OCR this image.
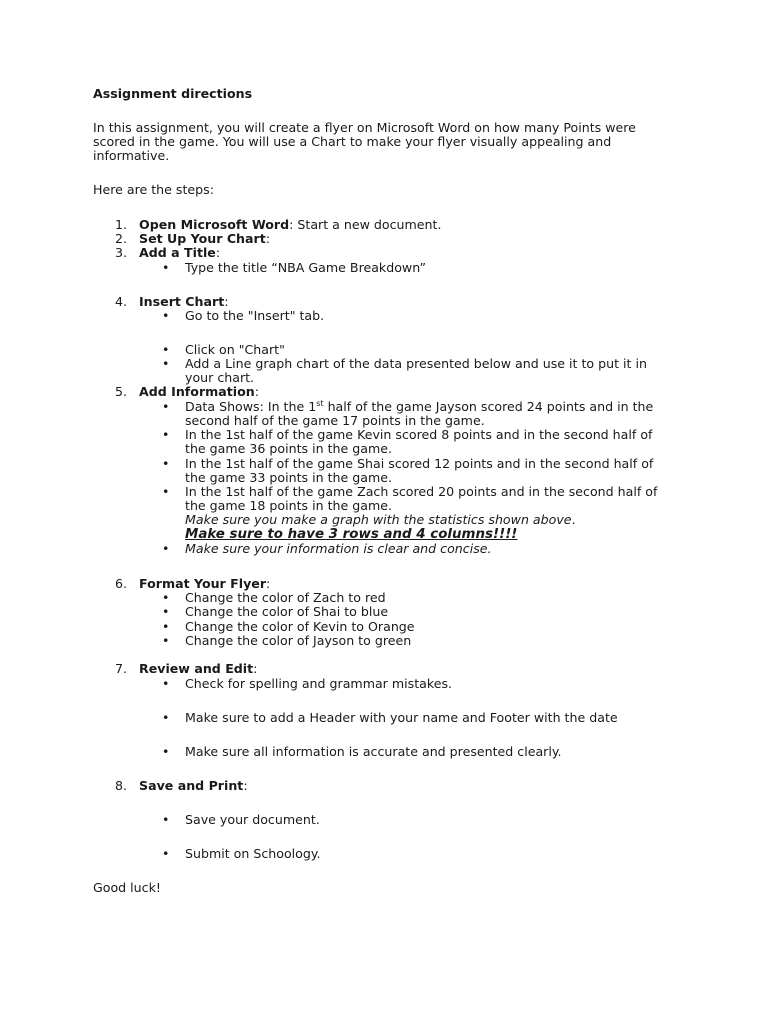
Assignment directions
In this assignment, you will create a flyer on Microsoft Word on how many Points were
scored in the game. You will use a Chart to make your flyer visually appealing and
informative.
Here are the steps:
1. Open Microsoft Word: Start a new document.
2. Set Up Your Chart:
3. Add a Title:
• Type the title “NBA Game Breakdown”
4. Insert Chart:
• Go to the "Insert" tab.
• Click on "Chart"
• Add a Line graph chart of the data presented below and use it to put it in
your chart.
5. Add Information:
• Data Shows: In the 1st half of the game Jayson scored 24 points and in the
second half of the game 17 points in the game.
• In the 1st half of the game Kevin scored 8 points and in the second half of
the game 36 points in the game.
• In the 1st half of the game Shai scored 12 points and in the second half of
the game 33 points in the game.
• In the 1st half of the game Zach scored 20 points and in the second half of
the game 18 points in the game.
Make sure you make a graph with the statistics shown above.
Make sure to have 3 rows and 4 columns!!!!
• Make sure your information is clear and concise.
6. Format Your Flyer:
• Change the color of Zach to red
• Change the color of Shai to blue
• Change the color of Kevin to Orange
• Change the color of Jayson to green
7. Review and Edit:
• Check for spelling and grammar mistakes.
• Make sure to add a Header with your name and Footer with the date
• Make sure all information is accurate and presented clearly.
8. Save and Print:
• Save your document.
• Submit on Schoology.
Good luck!
